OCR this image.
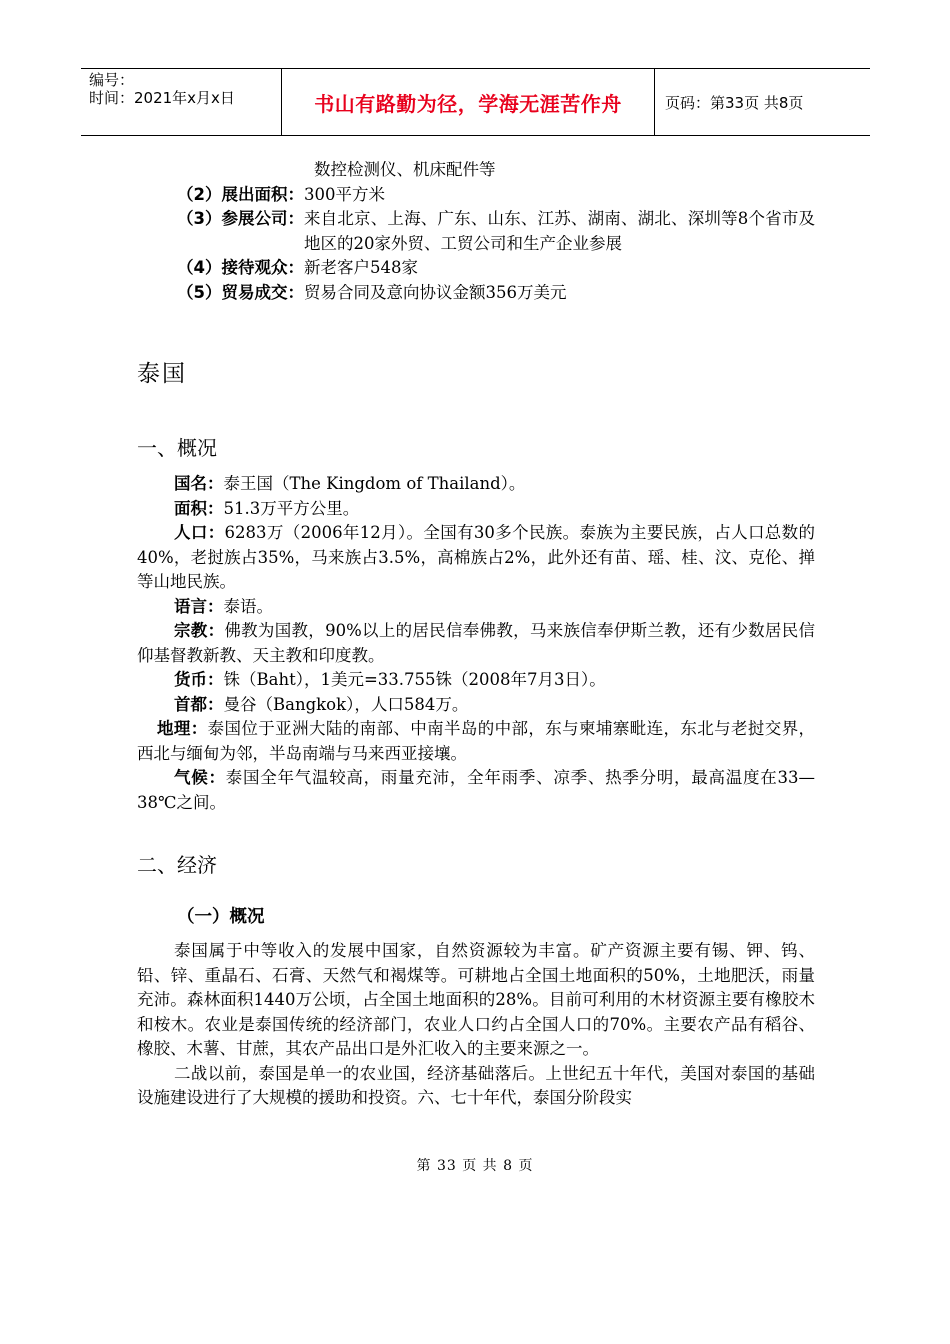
编号：
时间：2021年x月x日	书山有路勤为径，学海无涯苦作舟	页码：第33页 共8页

数控检测仪、机床配件等

（2）展出面积： 300平方米
（3）参展公司： 来自北京、上海、广东、山东、江苏、湖南、湖北、深圳等8个省市及地区的20家外贸、工贸公司和生产企业参展
（4）接待观众： 新老客户548家
（5）贸易成交： 贸易合同及意向协议金额356万美元
泰国
一、概况

国名：泰王国（The Kingdom of Thailand）。

面积：51.3万平方公里。

人口：6283万（2006年12月）。全国有30多个民族。泰族为主要民族，占人口总数的40%，老挝族占35%，马来族占3.5%，高棉族占2%，此外还有苗、瑶、桂、汶、克伦、掸等山地民族。

语言：泰语。

宗教：佛教为国教，90%以上的居民信奉佛教，马来族信奉伊斯兰教，还有少数居民信仰基督教新教、天主教和印度教。

货币：铢（Baht），1美元=33.755铢（2008年7月3日）。

首都：曼谷（Bangkok），人口584万。

地理：泰国位于亚洲大陆的南部、中南半岛的中部，东与柬埔寨毗连，东北与老挝交界，西北与缅甸为邻，半岛南端与马来西亚接壤。

气候：泰国全年气温较高，雨量充沛，全年雨季、凉季、热季分明，最高温度在33—38℃之间。

二、经济
（一）概况

泰国属于中等收入的发展中国家，自然资源较为丰富。矿产资源主要有锡、钾、钨、铅、锌、重晶石、石膏、天然气和褐煤等。可耕地占全国土地面积的50%，土地肥沃，雨量充沛。森林面积1440万公顷，占全国土地面积的28%。目前可利用的木材资源主要有橡胶木和桉木。农业是泰国传统的经济部门，农业人口约占全国人口的70%。主要农产品有稻谷、橡胶、木薯、甘蔗，其农产品出口是外汇收入的主要来源之一。

二战以前，泰国是单一的农业国，经济基础落后。上世纪五十年代，美国对泰国的基础设施建设进行了大规模的援助和投资。六、七十年代，泰国分阶段实

第 33 页 共 8 页
